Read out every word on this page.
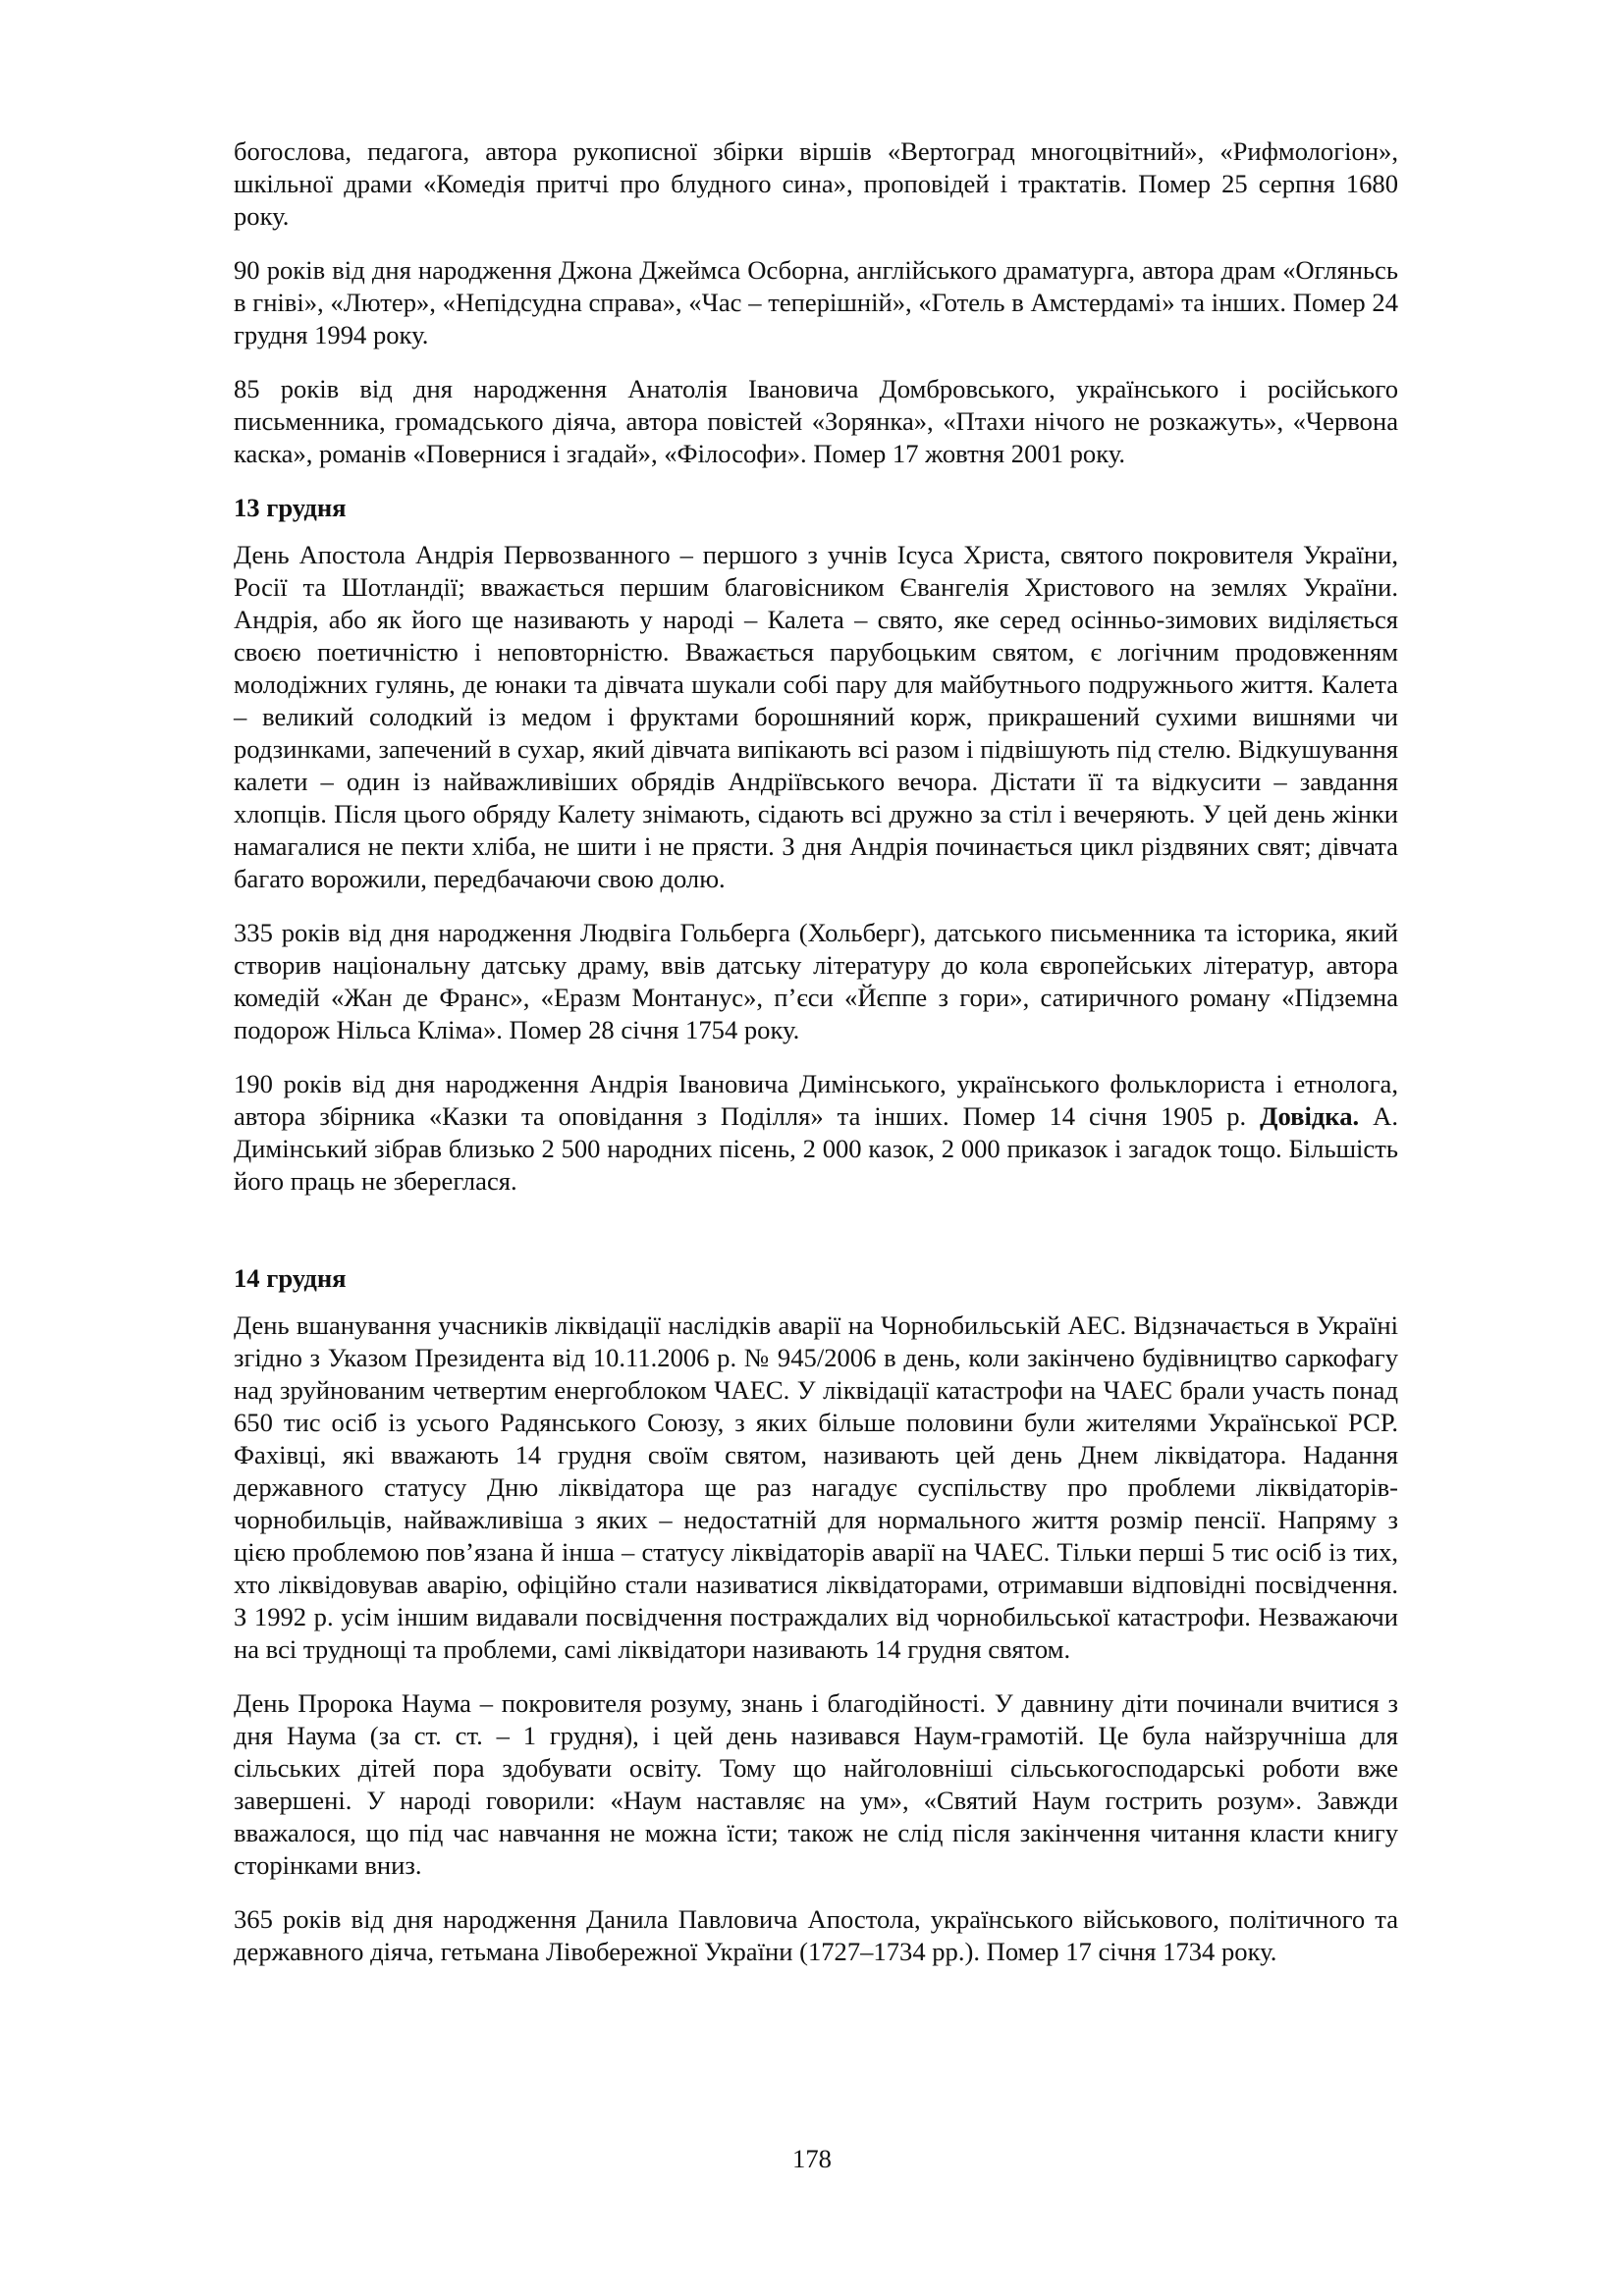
богослова, педагога, автора рукописної збірки віршів «Вертоград многоцвітний», «Рифмологіон», шкільної драми «Комедія притчі про блудного сина», проповідей і трактатів. Помер 25 серпня 1680 року.

90 років від дня народження Джона Джеймса Осборна, англійського драматурга, автора драм «Огляньсь в гніві», «Лютер», «Непідсудна справа», «Час – теперішній», «Готель в Амстердамі» та інших. Помер 24 грудня 1994 року.

85 років від дня народження Анатолія Івановича Домбровського, українського і російського письменника, громадського діяча, автора повістей «Зорянка», «Птахи нічого не розкажуть», «Червона каска», романів «Повернися і згадай», «Філософи». Помер 17 жовтня 2001 року.

13 грудня

День Апостола Андрія Первозванного – першого з учнів Ісуса Христа, святого покровителя України, Росії та Шотландії; вважається першим благовісником Євангелія Христового на землях України. Андрія, або як його ще називають у народі – Калета – свято, яке серед осінньо-зимових виділяється своєю поетичністю і неповторністю. Вважається парубоцьким святом, є логічним продовженням молодіжних гулянь, де юнаки та дівчата шукали собі пару для майбутнього подружнього життя. Калета – великий солодкий із медом і фруктами борошняний корж, прикрашений сухими вишнями чи родзинками, запечений в сухар, який дівчата випікають всі разом і підвішують під стелю. Відкушування калети – один із найважливіших обрядів Андріївського вечора. Дістати її та відкусити – завдання хлопців. Після цього обряду Калету знімають, сідають всі дружно за стіл і вечеряють. У цей день жінки намагалися не пекти хліба, не шити і не прясти. З дня Андрія починається цикл різдвяних свят; дівчата багато ворожили, передбачаючи свою долю.

335 років від дня народження Людвіга Гольберга (Хольберг), датського письменника та історика, який створив національну датську драму, ввів датську літературу до кола європейських літератур, автора комедій «Жан де Франс», «Еразм Монтанус», п’єси «Йєппе з гори», сатиричного роману «Підземна подорож Нільса Кліма». Помер 28 січня 1754 року.

190 років від дня народження Андрія Івановича Димінського, українського фольклориста і етнолога, автора збірника «Казки та оповідання з Поділля» та інших. Помер 14 січня 1905 р. Довідка. А. Димінський зібрав близько 2 500 народних пісень, 2 000 казок, 2 000 приказок і загадок тощо. Більшість його праць не збереглася.

14 грудня

День вшанування учасників ліквідації наслідків аварії на Чорнобильській АЕС. Відзначається в Україні згідно з Указом Президента від 10.11.2006 р. № 945/2006 в день, коли закінчено будівництво саркофагу над зруйнованим четвертим енергоблоком ЧАЕС. У ліквідації катастрофи на ЧАЕС брали участь понад 650 тис осіб із усього Радянського Союзу, з яких більше половини були жителями Української РСР. Фахівці, які вважають 14 грудня своїм святом, називають цей день Днем ліквідатора. Надання державного статусу Дню ліквідатора ще раз нагадує суспільству про проблеми ліквідаторів-чорнобильців, найважливіша з яких – недостатній для нормального життя розмір пенсії. Напряму з цією проблемою пов’язана й інша – статусу ліквідаторів аварії на ЧАЕС. Тільки перші 5 тис осіб із тих, хто ліквідовував аварію, офіційно стали називатися ліквідаторами, отримавши відповідні посвідчення. З 1992 р. усім іншим видавали посвідчення постраждалих від чорнобильської катастрофи. Незважаючи на всі труднощі та проблеми, самі ліквідатори називають 14 грудня святом.

День Пророка Наума – покровителя розуму, знань і благодійності. У давнину діти починали вчитися з дня Наума (за ст. ст. – 1 грудня), і цей день називався Наум-грамотій. Це була найзручніша для сільських дітей пора здобувати освіту. Тому що найголовніші сільськогосподарські роботи вже завершені. У народі говорили: «Наум наставляє на ум», «Святий Наум гострить розум». Завжди вважалося, що під час навчання не можна їсти; також не слід після закінчення читання класти книгу сторінками вниз.

365 років від дня народження Данила Павловича Апостола, українського військового, політичного та державного діяча, гетьмана Лівобережної України (1727–1734 рр.). Помер 17 січня 1734 року.

178
